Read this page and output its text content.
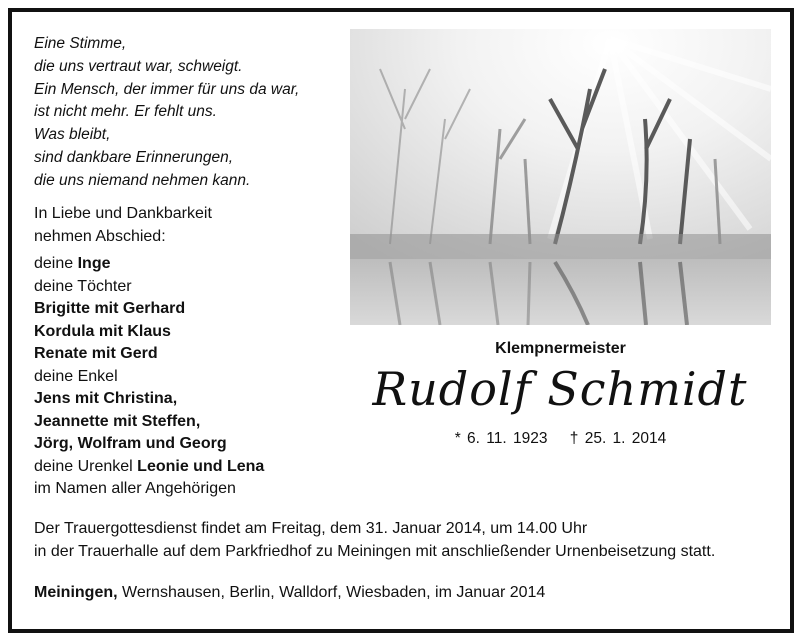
Eine Stimme,
die uns vertraut war, schweigt.
Ein Mensch, der immer für uns da war,
ist nicht mehr. Er fehlt uns.
Was bleibt,
sind dankbare Erinnerungen,
die uns niemand nehmen kann.
In Liebe und Dankbarkeit
nehmen Abschied:
deine Inge
deine Töchter
Brigitte mit Gerhard
Kordula mit Klaus
Renate mit Gerd
deine Enkel
Jens mit Christina,
Jeannette mit Steffen,
Jörg, Wolfram und Georg
deine Urenkel Leonie und Lena
im Namen aller Angehörigen
Klempnermeister
Rudolf Schmidt
* 6. 11. 1923 † 25. 1. 2014
Der Trauergottesdienst findet am Freitag, dem 31. Januar 2014, um 14.00 Uhr
in der Trauerhalle auf dem Parkfriedhof zu Meiningen mit anschließender Urnenbeisetzung statt.
Meiningen, Wernshausen, Berlin, Walldorf, Wiesbaden, im Januar 2014
